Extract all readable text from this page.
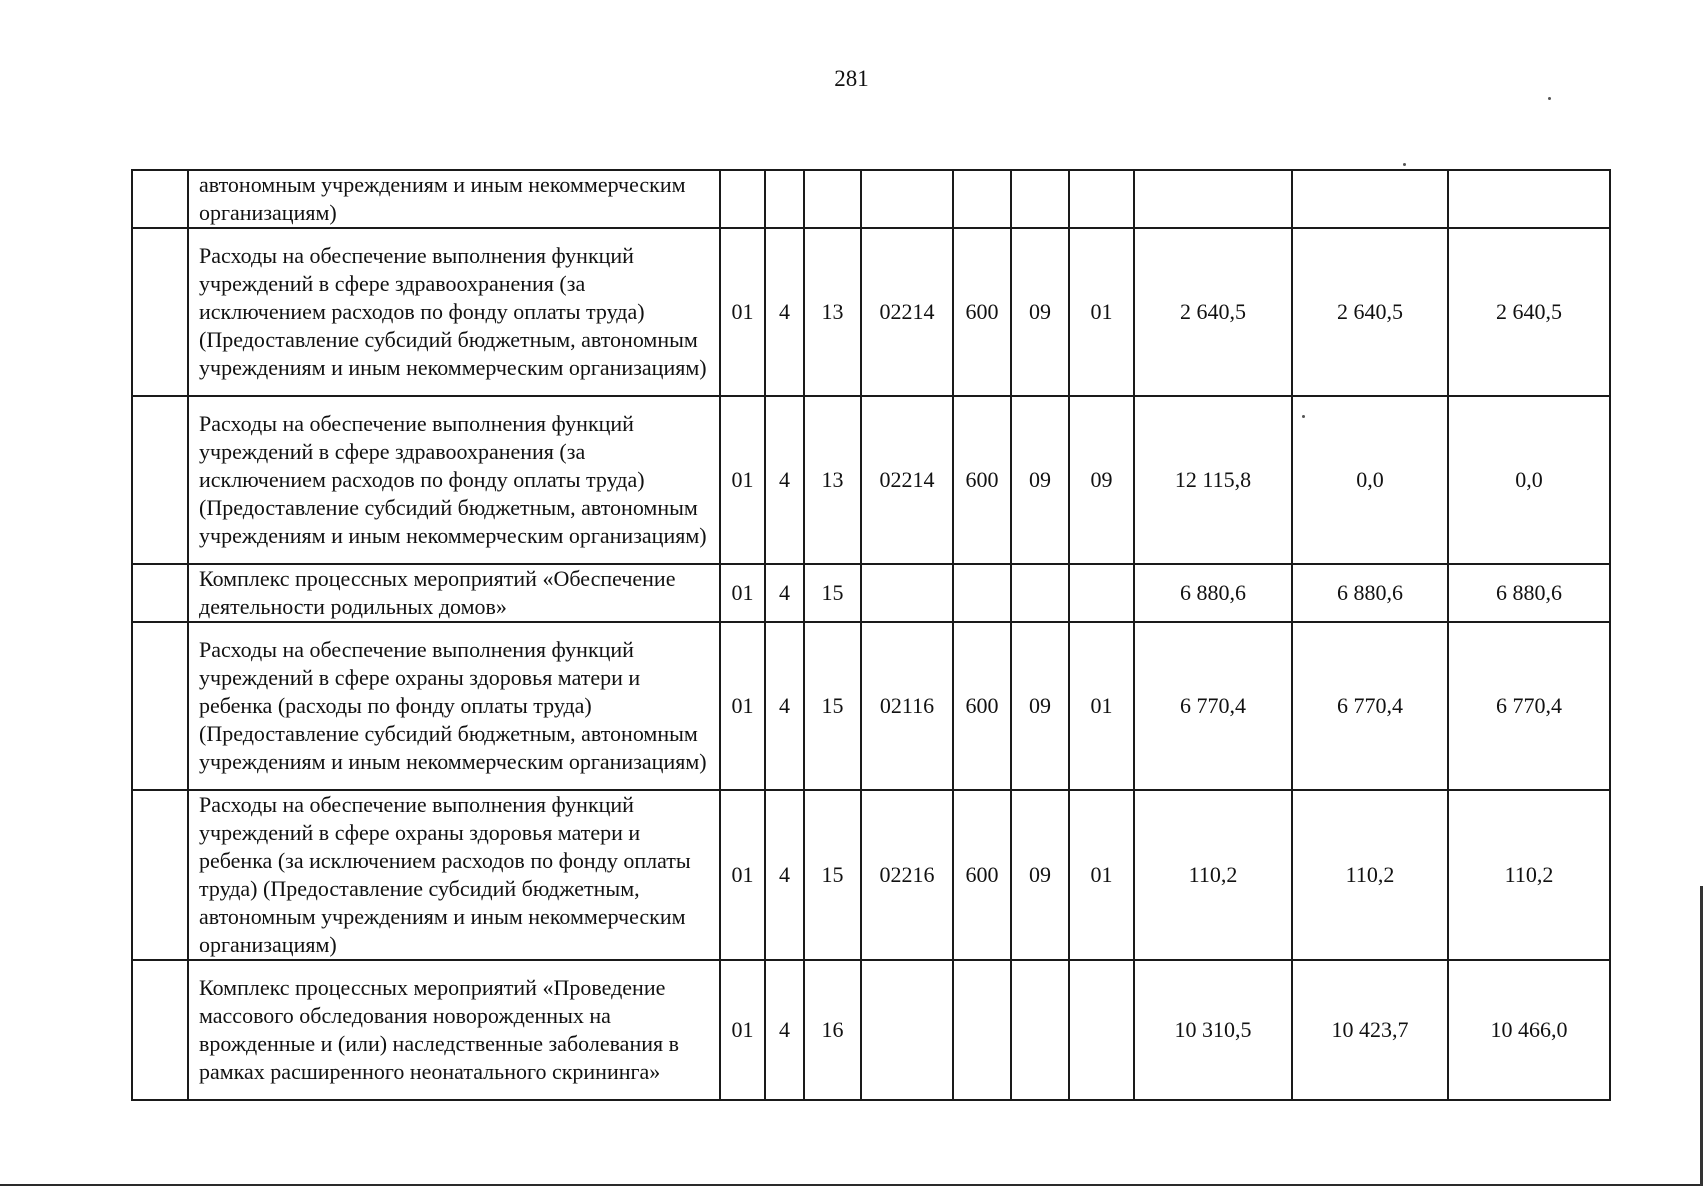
281
	автономным учреждениям и иным некоммерческим организациям)										
	Расходы на обеспечение выполнения функций учреждений в сфере здравоохранения (за исключением расходов по фонду оплаты труда) (Предоставление субсидий бюджетным, автономным учреждениям и иным некоммерческим организациям)	01	4	13	02214	600	09	01	2 640,5	2 640,5	2 640,5
	Расходы на обеспечение выполнения функций учреждений в сфере здравоохранения (за исключением расходов по фонду оплаты труда) (Предоставление субсидий бюджетным, автономным учреждениям и иным некоммерческим организациям)	01	4	13	02214	600	09	09	12 115,8	0,0	0,0
	Комплекс процессных мероприятий «Обеспечение деятельности родильных домов»	01	4	15					6 880,6	6 880,6	6 880,6
	Расходы на обеспечение выполнения функций учреждений в сфере охраны здоровья матери и ребенка (расходы по фонду оплаты труда) (Предоставление субсидий бюджетным, автономным учреждениям и иным некоммерческим организациям)	01	4	15	02116	600	09	01	6 770,4	6 770,4	6 770,4
	Расходы на обеспечение выполнения функций учреждений в сфере охраны здоровья матери и ребенка (за исключением расходов по фонду оплаты труда) (Предоставление субсидий бюджетным, автономным учреждениям и иным некоммерческим организациям)	01	4	15	02216	600	09	01	110,2	110,2	110,2
	Комплекс процессных мероприятий «Проведение массового обследования новорожденных на врожденные и (или) наследственные заболевания в рамках расширенного неонатального скрининга»	01	4	16					10 310,5	10 423,7	10 466,0
